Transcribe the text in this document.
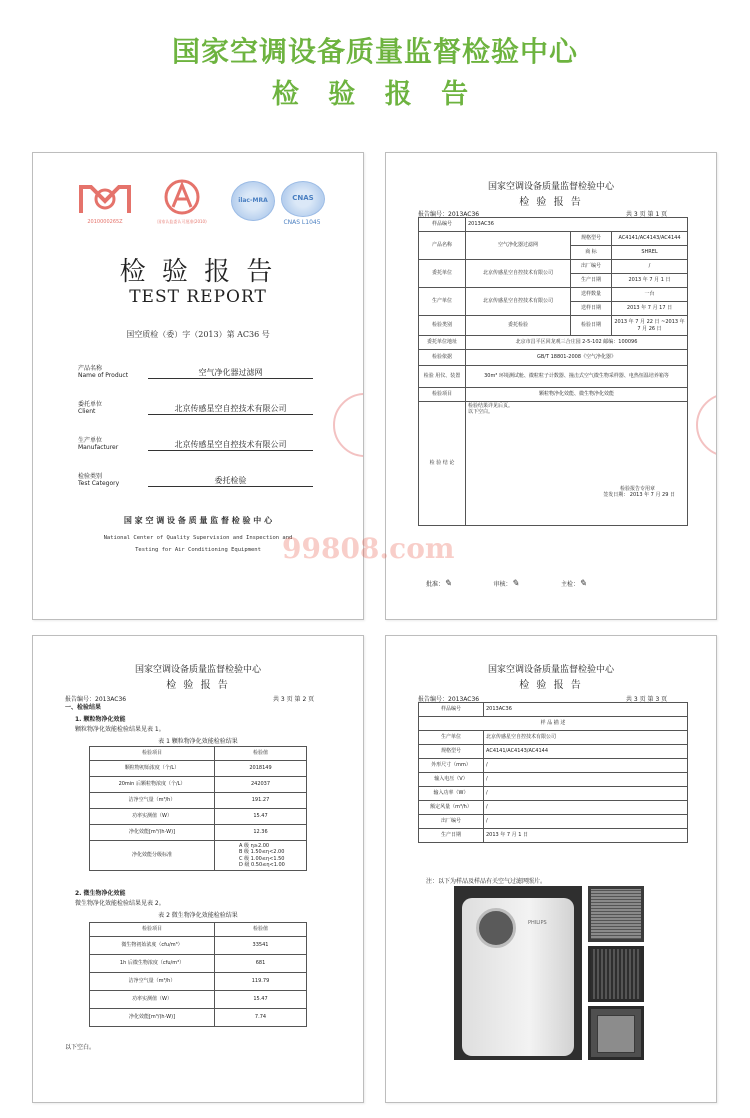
国家空调设备质量监督检验中心
检 验 报 告
2010000265Z	国家认监委认可批准(2010)
ilac-MRA	CNAS
CNAS L1045
检 验 报 告
TEST REPORT
国空质检（委）字（2013）第 AC36 号
产品名称
Name of Product	空气净化器过滤网
委托单位
Client	北京传感星空自控技术有限公司
生产单位
Manufacturer	北京传感星空自控技术有限公司
检验类别
Test Category	委托检验
国 家 空 调 设 备 质 量 监 督 检 验 中 心
National Center of Quality Supervision and Inspection and
Testing for Air Conditioning Equipment
国家空调设备质量监督检验中心
检 验 报 告
报告编号：2013AC36	共 3 页 第 1 页
样品编号	2013AC36		
产品名称	空气净化器过滤网	规格型号	AC4141/AC4143/AC4144
		商 标	SHREL
委托单位	北京传感星空自控技术有限公司	出厂编号	/
		生产日期	2013 年 7 月 1 日
生产单位	北京传感星空自控技术有限公司	送样数量	一台
		送样日期	2013 年 7 月 17 日
检验类别	委托检验	检验日期	2013 年 7 月 22 日 ~2013 年 7 月 26 日
委托单位地址	北京市昌平区回龙观三合庄园 2-5-102 邮编：100096		
检验依据	GB/T 18801-2008《空气净化器》		
检验 用仪、装置	30m³ 环境测试舱、微粒粒子计数器、撞击式空气微生物采样器、电热恒温培养箱等		
检验项目	颗粒物净化效能、微生物净化效能		
检 验 结 论	检验结果详见后页。
以下空白。
检验报告专用章
签发日期： 2013 年 7 月 29 日		
批准：✎	审核：✎	主检：✎
国家空调设备质量监督检验中心
检 验 报 告
报告编号：2013AC36	共 3 页 第 2 页
一、检验结果
1. 颗粒物净化效能
颗粒物净化效能检验结果见表 1。
表 1 颗粒物净化效能检验结果
检验项目	检验值
颗粒物初始浓度（个/L）	2018149
20min 后颗粒物浓度（个/L）	242037
洁净空气量（m³/h）	191.27
功率实测值（W）	15.47
净化效能[m³/(h·W)]	12.36
净化效能分级标准	A 级 η≥2.00
B 级 1.50≤η<2.00
C 级 1.00≤η<1.50
D 级 0.50≤η<1.00
2. 微生物净化效能
微生物净化效能检验结果见表 2。
表 2 微生物净化效能检验结果
检验项目	检验值
微生物初始浓度（cfu/m³）	33541
1h 后微生物浓度（cfu/m³）	681
洁净空气量（m³/h）	119.79
功率实测值（W）	15.47
净化效能[m³/(h·W)]	7.74
以下空白。
国家空调设备质量监督检验中心
检 验 报 告
报告编号：2013AC36	共 3 页 第 3 页
样品编号	2013AC36
样 品 描 述	
生产单位	北京传感星空自控技术有限公司
规格型号	AC4141/AC4143/AC4144
外形尺寸（mm）	/
输入电压（V）	/
输入功率（W）	/
额定风量（m³/h）	/
出厂编号	/
生产日期	2013 年 7 月 1 日
注：以下为样品及样品有关空气过滤网照片。
PHILIPS
99808.com
